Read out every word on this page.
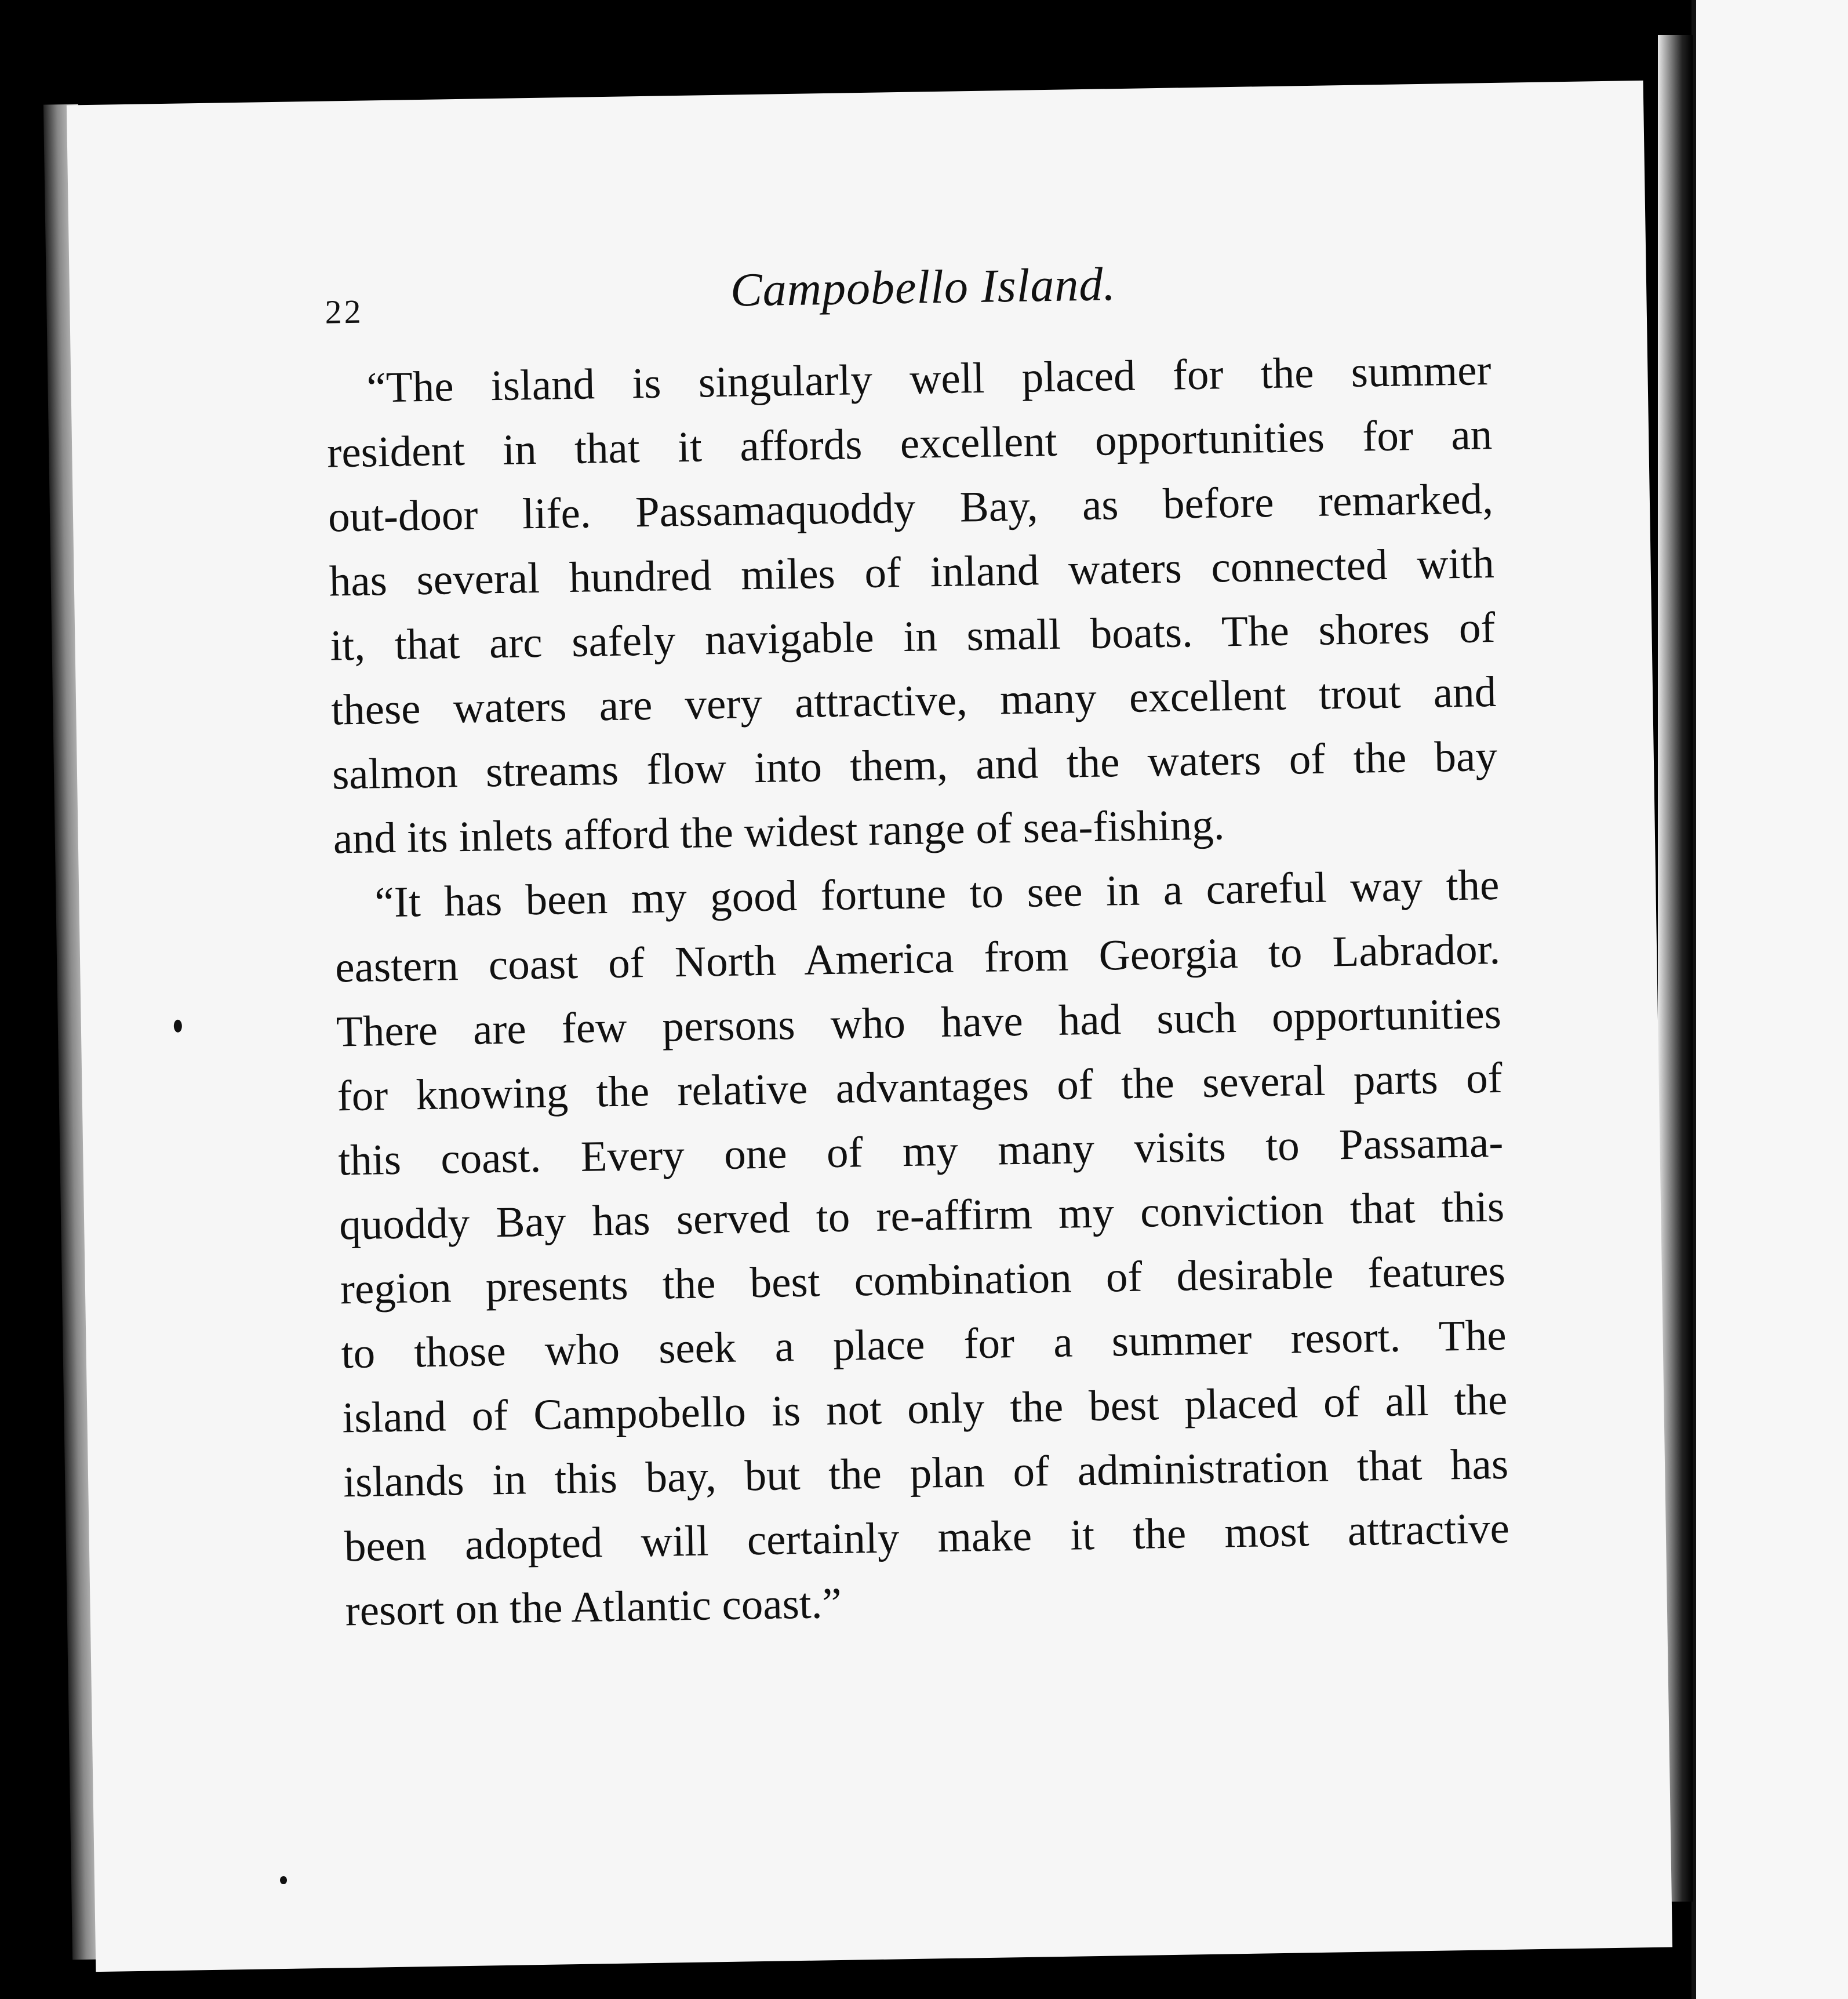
22	Campobello Island.

“The island is singularly well placed for the summer
resident in that it affords excellent opportunities for an
out-door life. Passamaquoddy Bay, as before remarked,
has several hundred miles of inland waters connected with
it, that arc safely navigable in small boats. The shores of
these waters are very attractive, many excellent trout and
salmon streams flow into them, and the waters of the bay
and its inlets afford the widest range of sea-fishing.

“It has been my good fortune to see in a careful way the
eastern coast of North America from Georgia to Labrador.
There are few persons who have had such opportunities
for knowing the relative advantages of the several parts of
this coast. Every one of my many visits to Passama-
quoddy Bay has served to re-affirm my conviction that this
region presents the best combination of desirable features
to those who seek a place for a summer resort. The
island of Campobello is not only the best placed of all the
islands in this bay, but the plan of administration that has
been adopted will certainly make it the most attractive
resort on the Atlantic coast.”
